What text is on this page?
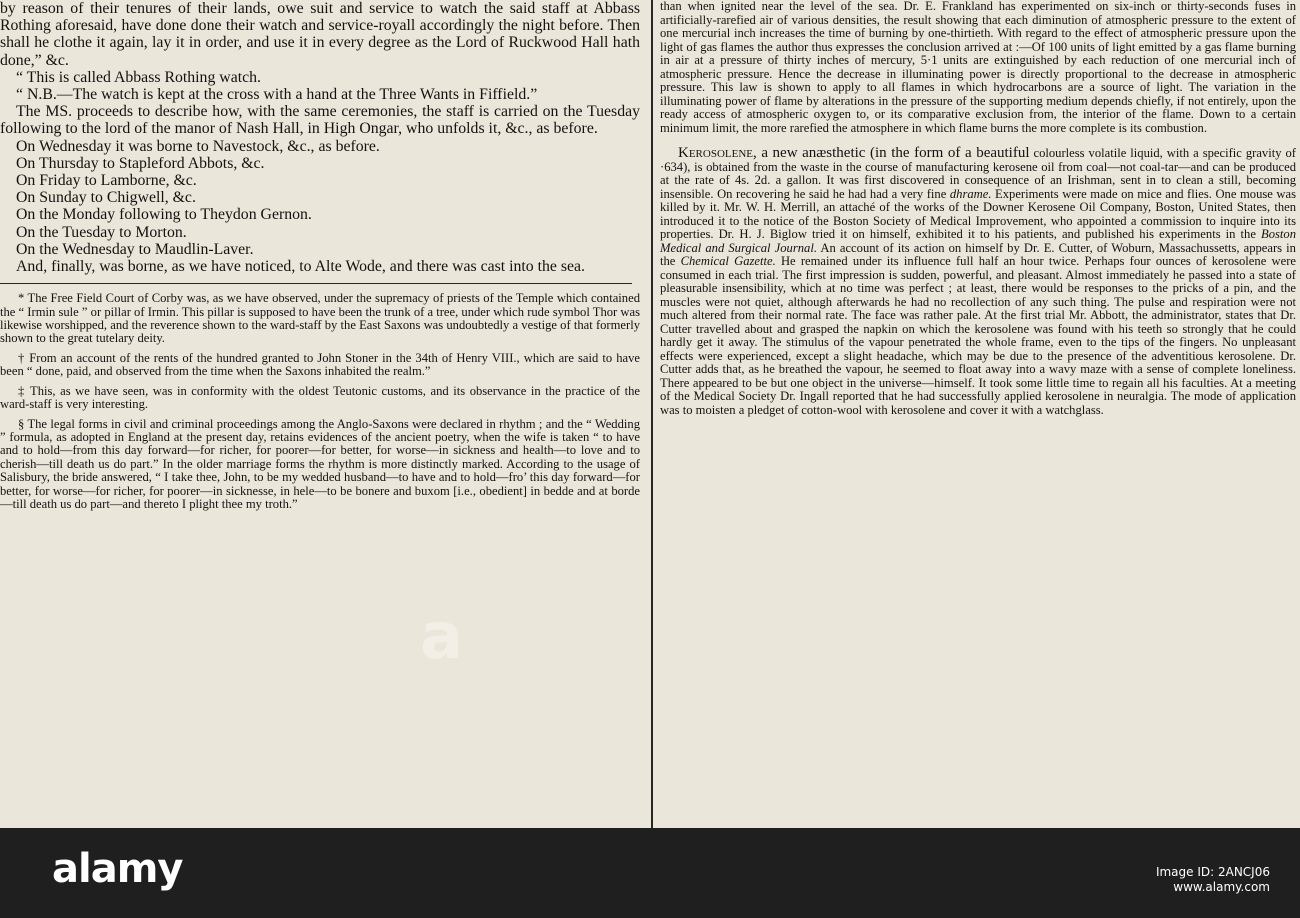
by reason of their tenures of their lands, owe suit and service to watch the said staff at Abbass Rothing aforesaid, have done done their watch and service-royall accordingly the night before. Then shall he clothe it again, lay it in order, and use it in every degree as the Lord of Ruckwood Hall hath done,” &c.

“ This is called Abbass Rothing watch.

“ N.B.—The watch is kept at the cross with a hand at the Three Wants in Fiffield.”

The MS. proceeds to describe how, with the same ceremonies, the staff is carried on the Tuesday following to the lord of the manor of Nash Hall, in High Ongar, who unfolds it, &c., as before.

On Wednesday it was borne to Navestock, &c., as before.

On Thursday to Stapleford Abbots, &c.

On Friday to Lamborne, &c.

On Sunday to Chigwell, &c.

On the Monday following to Theydon Gernon.

On the Tuesday to Morton.

On the Wednesday to Maudlin-Laver.

And, finally, was borne, as we have noticed, to Alte Wode, and there was cast into the sea.

* The Free Field Court of Corby was, as we have observed, under the supremacy of priests of the Temple which contained the “ Irmin sule ” or pillar of Irmin. This pillar is supposed to have been the trunk of a tree, under which rude symbol Thor was likewise worshipped, and the reverence shown to the ward-staff by the East Saxons was undoubtedly a vestige of that formerly shown to the great tutelary deity.

† From an account of the rents of the hundred granted to John Stoner in the 34th of Henry VIII., which are said to have been “ done, paid, and observed from the time when the Saxons inhabited the realm.”

‡ This, as we have seen, was in conformity with the oldest Teutonic customs, and its observance in the practice of the ward-staff is very interesting.

§ The legal forms in civil and criminal proceedings among the Anglo-Saxons were declared in rhythm ; and the “ Wedding ” formula, as adopted in England at the present day, retains evidences of the ancient poetry, when the wife is taken “ to have and to hold—from this day forward—for richer, for poorer—for better, for worse—in sickness and health—to love and to cherish—till death us do part.” In the older marriage forms the rhythm is more distinctly marked. According to the usage of Salisbury, the bride answered, “ I take thee, John, to be my wedded husband—to have and to hold—fro’ this day forward—for better, for worse—for richer, for poorer—in sicknesse, in hele—to be bonere and buxom [i.e., obedient] in bedde and at borde—till death us do part—and thereto I plight thee my troth.”

than when ignited near the level of the sea. Dr. E. Frankland has experimented on six-inch or thirty-seconds fuses in artificially-rarefied air of various densities, the result showing that each diminution of atmospheric pressure to the extent of one mercurial inch increases the time of burning by one-thirtieth. With regard to the effect of atmospheric pressure upon the light of gas flames the author thus expresses the conclusion arrived at :—Of 100 units of light emitted by a gas flame burning in air at a pressure of thirty inches of mercury, 5·1 units are extinguished by each reduction of one mercurial inch of atmospheric pressure. Hence the decrease in illuminating power is directly proportional to the decrease in atmospheric pressure. This law is shown to apply to all flames in which hydrocarbons are a source of light. The variation in the illuminating power of flame by alterations in the pressure of the supporting medium depends chiefly, if not entirely, upon the ready access of atmospheric oxygen to, or its comparative exclusion from, the interior of the flame. Down to a certain minimum limit, the more rarefied the atmosphere in which flame burns the more complete is its combustion.

Kerosolene, a new anæsthetic (in the form of a beautiful colourless volatile liquid, with a specific gravity of ·634), is obtained from the waste in the course of manufacturing kerosene oil from coal—not coal-tar—and can be produced at the rate of 4s. 2d. a gallon. It was first discovered in consequence of an Irishman, sent in to clean a still, becoming insensible. On recovering he said he had had a very fine dhrame. Experiments were made on mice and flies. One mouse was killed by it. Mr. W. H. Merrill, an attaché of the works of the Downer Kerosene Oil Company, Boston, United States, then introduced it to the notice of the Boston Society of Medical Improvement, who appointed a commission to inquire into its properties. Dr. H. J. Biglow tried it on himself, exhibited it to his patients, and published his experiments in the Boston Medical and Surgical Journal. An account of its action on himself by Dr. E. Cutter, of Woburn, Massachussetts, appears in the Chemical Gazette. He remained under its influence full half an hour twice. Perhaps four ounces of kerosolene were consumed in each trial. The first impression is sudden, powerful, and pleasant. Almost immediately he passed into a state of pleasurable insensibility, which at no time was perfect ; at least, there would be responses to the pricks of a pin, and the muscles were not quiet, although afterwards he had no recollection of any such thing. The pulse and respiration were not much altered from their normal rate. The face was rather pale. At the first trial Mr. Abbott, the administrator, states that Dr. Cutter travelled about and grasped the napkin on which the kerosolene was found with his teeth so strongly that he could hardly get it away. The stimulus of the vapour penetrated the whole frame, even to the tips of the fingers. No unpleasant effects were experienced, except a slight headache, which may be due to the presence of the adventitious kerosolene. Dr. Cutter adds that, as he breathed the vapour, he seemed to float away into a wavy maze with a sense of complete loneliness. There appeared to be but one object in the universe—himself. It took some little time to regain all his faculties. At a meeting of the Medical Society Dr. Ingall reported that he had successfully applied kerosolene in neuralgia. The mode of application was to moisten a pledget of cotton-wool with kerosolene and cover it with a watchglass.

a
alamy	Image ID: 2ANCJ06
www.alamy.com
